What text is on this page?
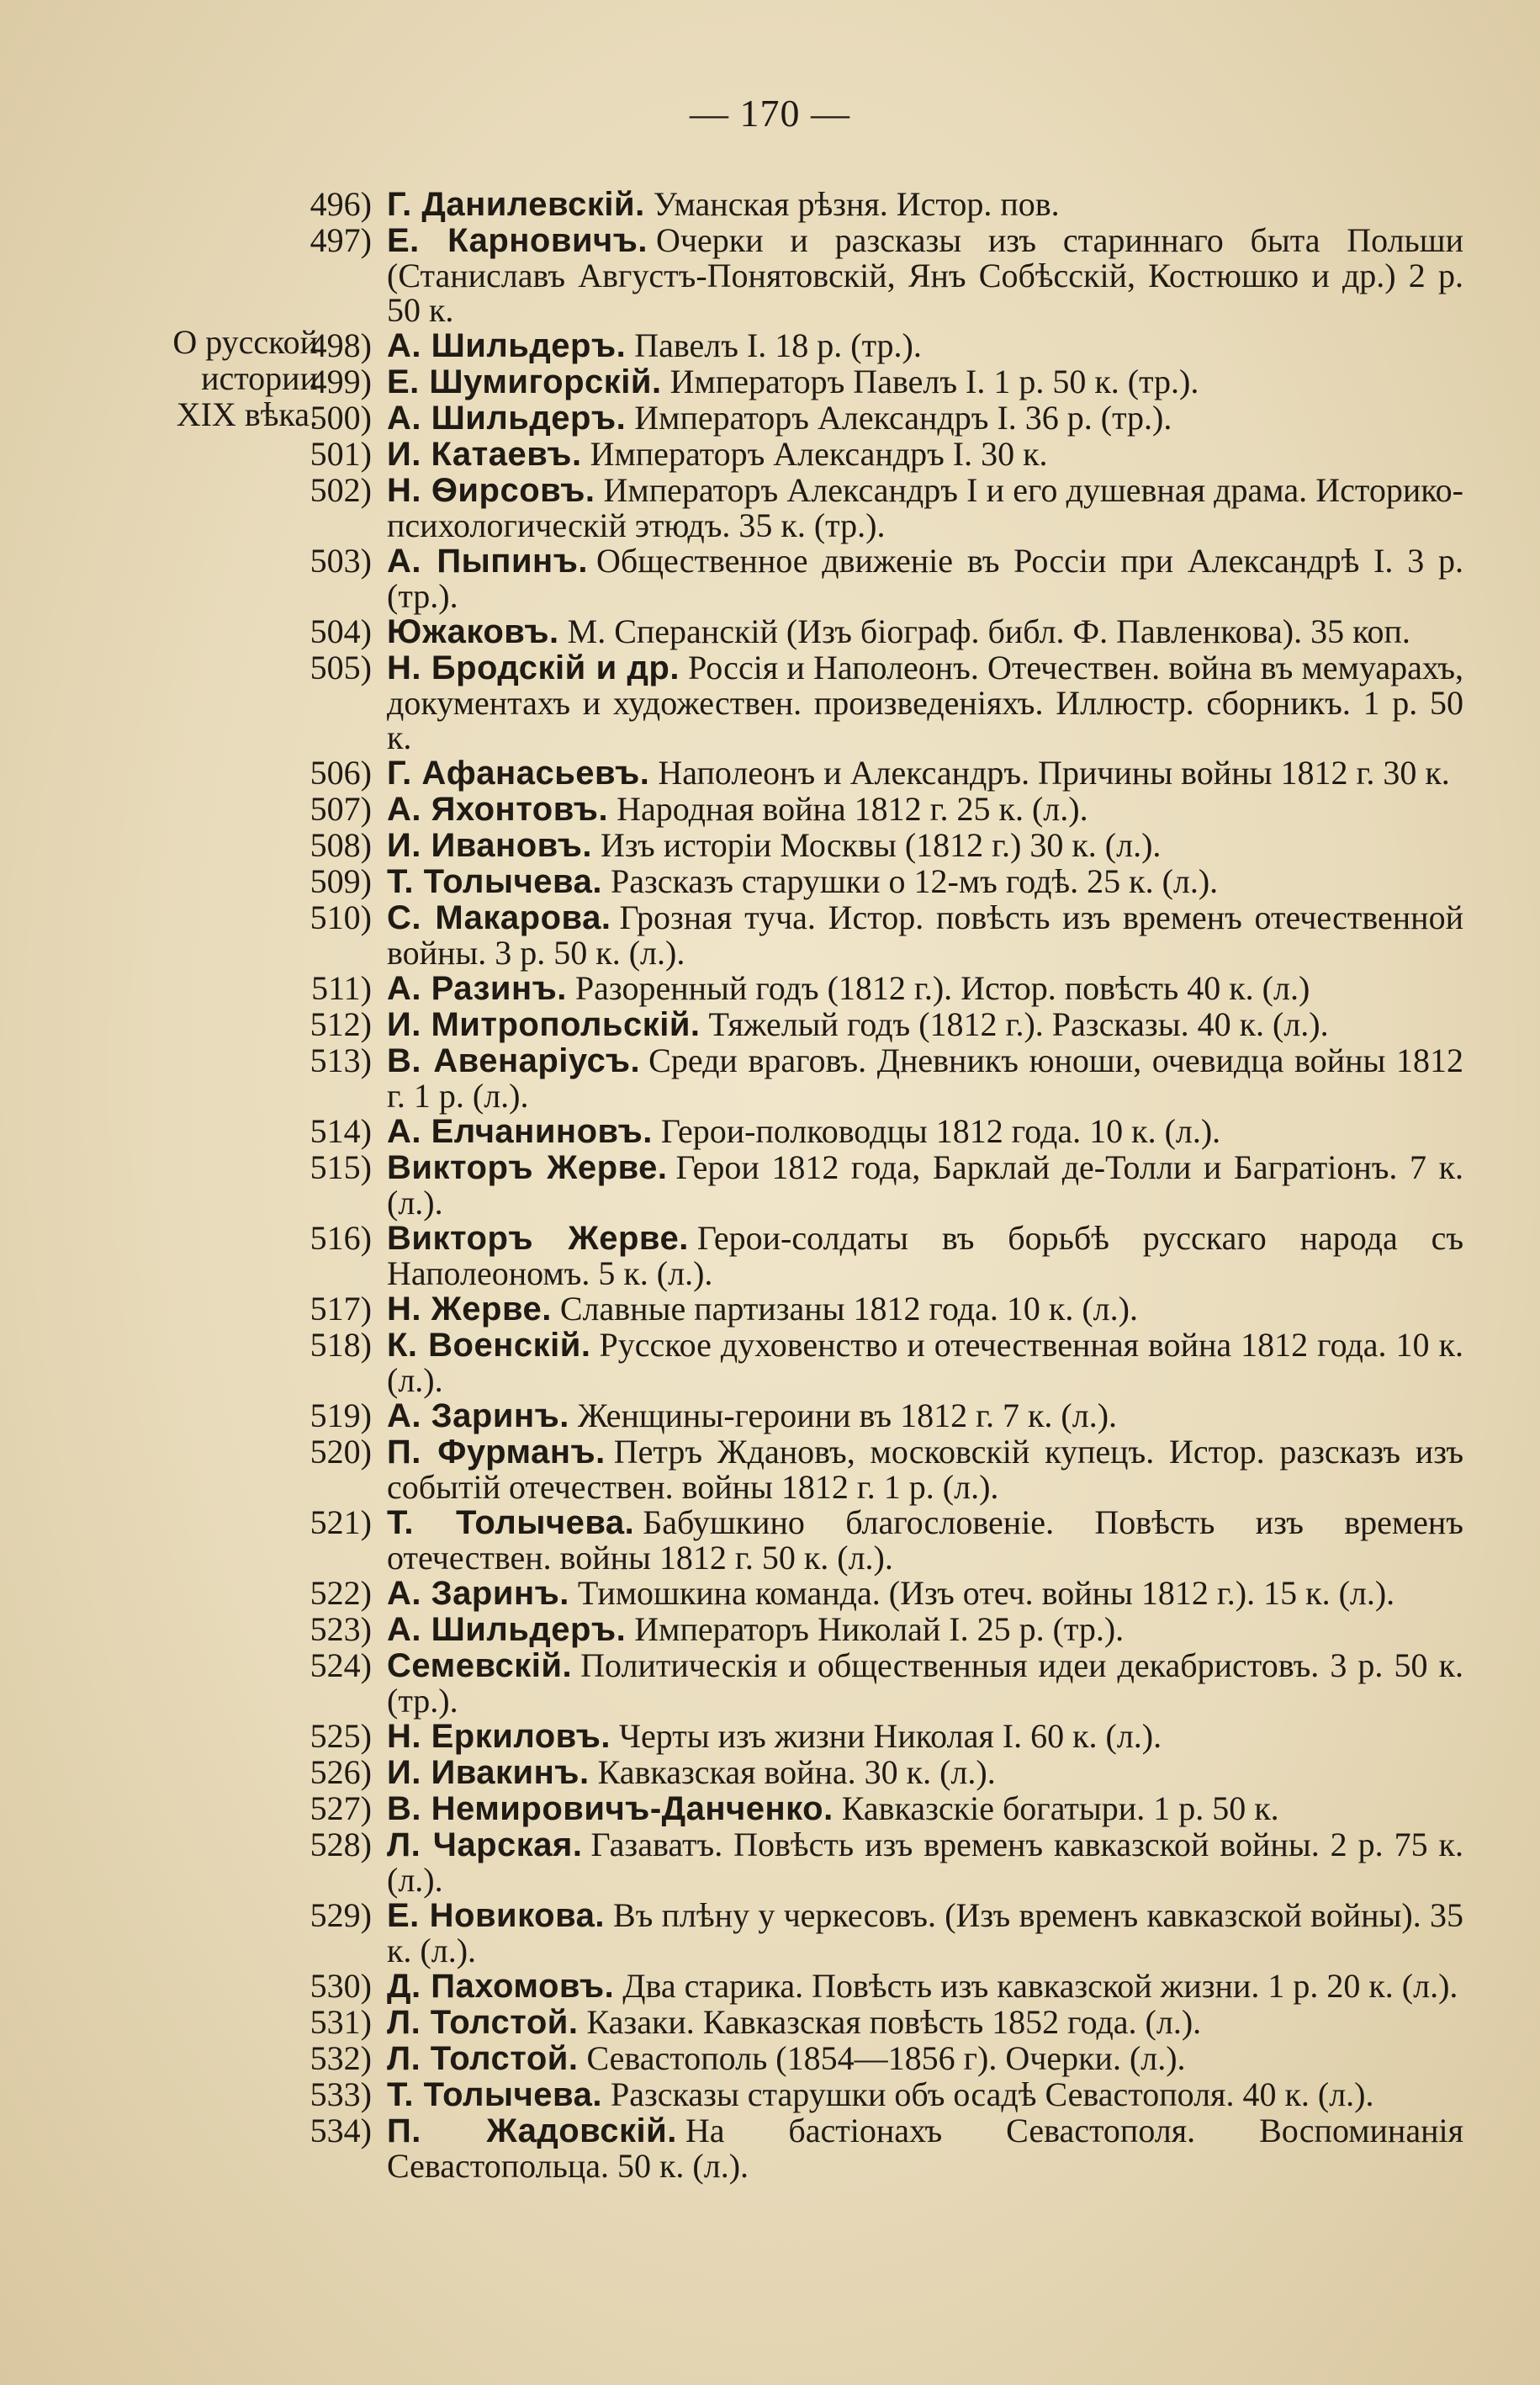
— 170 —
О русской
истории
XIX вѣка.
496) Г. Данилевскій. Уманская рѣзня. Истор. пов.
497) Е. Карновичъ. Очерки и разсказы изъ стариннаго быта Польши (Станиславъ Августъ-Понятовскій, Янъ Собѣсскій, Костюшко и др.) 2 р. 50 к.
498) А. Шильдеръ. Павелъ I. 18 р. (тр.).
499) Е. Шумигорскій. Императоръ Павелъ I. 1 р. 50 к. (тр.).
500) А. Шильдеръ. Императоръ Александръ I. 36 р. (тр.).
501) И. Катаевъ. Императоръ Александръ I. 30 к.
502) Н. Ѳирсовъ. Императоръ Александръ I и его душевная драма. Историко-психологическій этюдъ. 35 к. (тр.).
503) А. Пыпинъ. Общественное движеніе въ Россіи при Александрѣ I. 3 р. (тр.).
504) Южаковъ. М. Сперанскій (Изъ біограф. библ. Ф. Павленкова). 35 коп.
505) Н. Бродскій и др. Россія и Наполеонъ. Отечествен. война въ мемуарахъ, документахъ и художествен. произведеніяхъ. Иллюстр. сборникъ. 1 р. 50 к.
506) Г. Афанасьевъ. Наполеонъ и Александръ. Причины войны 1812 г. 30 к.
507) А. Яхонтовъ. Народная война 1812 г. 25 к. (л.).
508) И. Ивановъ. Изъ исторіи Москвы (1812 г.) 30 к. (л.).
509) Т. Толычева. Разсказъ старушки о 12-мъ годѣ. 25 к. (л.).
510) С. Макарова. Грозная туча. Истор. повѣсть изъ временъ отечественной войны. 3 р. 50 к. (л.).
511) А. Разинъ. Разоренный годъ (1812 г.). Истор. повѣсть 40 к. (л.)
512) И. Митропольскій. Тяжелый годъ (1812 г.). Разсказы. 40 к. (л.).
513) В. Авенаріусъ. Среди враговъ. Дневникъ юноши, очевидца войны 1812 г. 1 р. (л.).
514) А. Елчаниновъ. Герои-полководцы 1812 года. 10 к. (л.).
515) Викторъ Жерве. Герои 1812 года, Барклай де-Толли и Багратіонъ. 7 к. (л.).
516) Викторъ Жерве. Герои-солдаты въ борьбѣ русскаго народа съ Наполеономъ. 5 к. (л.).
517) Н. Жерве. Славные партизаны 1812 года. 10 к. (л.).
518) К. Военскій. Русское духовенство и отечественная война 1812 года. 10 к. (л.).
519) А. Заринъ. Женщины-героини въ 1812 г. 7 к. (л.).
520) П. Фурманъ. Петръ Ждановъ, московскій купецъ. Истор. разсказъ изъ событій отечествен. войны 1812 г. 1 р. (л.).
521) Т. Толычева. Бабушкино благословеніе. Повѣсть изъ временъ отечествен. войны 1812 г. 50 к. (л.).
522) А. Заринъ. Тимошкина команда. (Изъ отеч. войны 1812 г.). 15 к. (л.).
523) А. Шильдеръ. Императоръ Николай I. 25 р. (тр.).
524) Семевскій. Политическія и общественныя идеи декабристовъ. 3 р. 50 к. (тр.).
525) Н. Еркиловъ. Черты изъ жизни Николая I. 60 к. (л.).
526) И. Ивакинъ. Кавказская война. 30 к. (л.).
527) В. Немировичъ-Данченко. Кавказскіе богатыри. 1 р. 50 к.
528) Л. Чарская. Газаватъ. Повѣсть изъ временъ кавказской войны. 2 р. 75 к. (л.).
529) Е. Новикова. Въ плѣну у черкесовъ. (Изъ временъ кавказской войны). 35 к. (л.).
530) Д. Пахомовъ. Два старика. Повѣсть изъ кавказской жизни. 1 р. 20 к. (л.).
531) Л. Толстой. Казаки. Кавказская повѣсть 1852 года. (л.).
532) Л. Толстой. Севастополь (1854—1856 г). Очерки. (л.).
533) Т. Толычева. Разсказы старушки объ осадѣ Севастополя. 40 к. (л.).
534) П. Жадовскій. На бастіонахъ Севастополя. Воспоминанія Севастопольца. 50 к. (л.).
